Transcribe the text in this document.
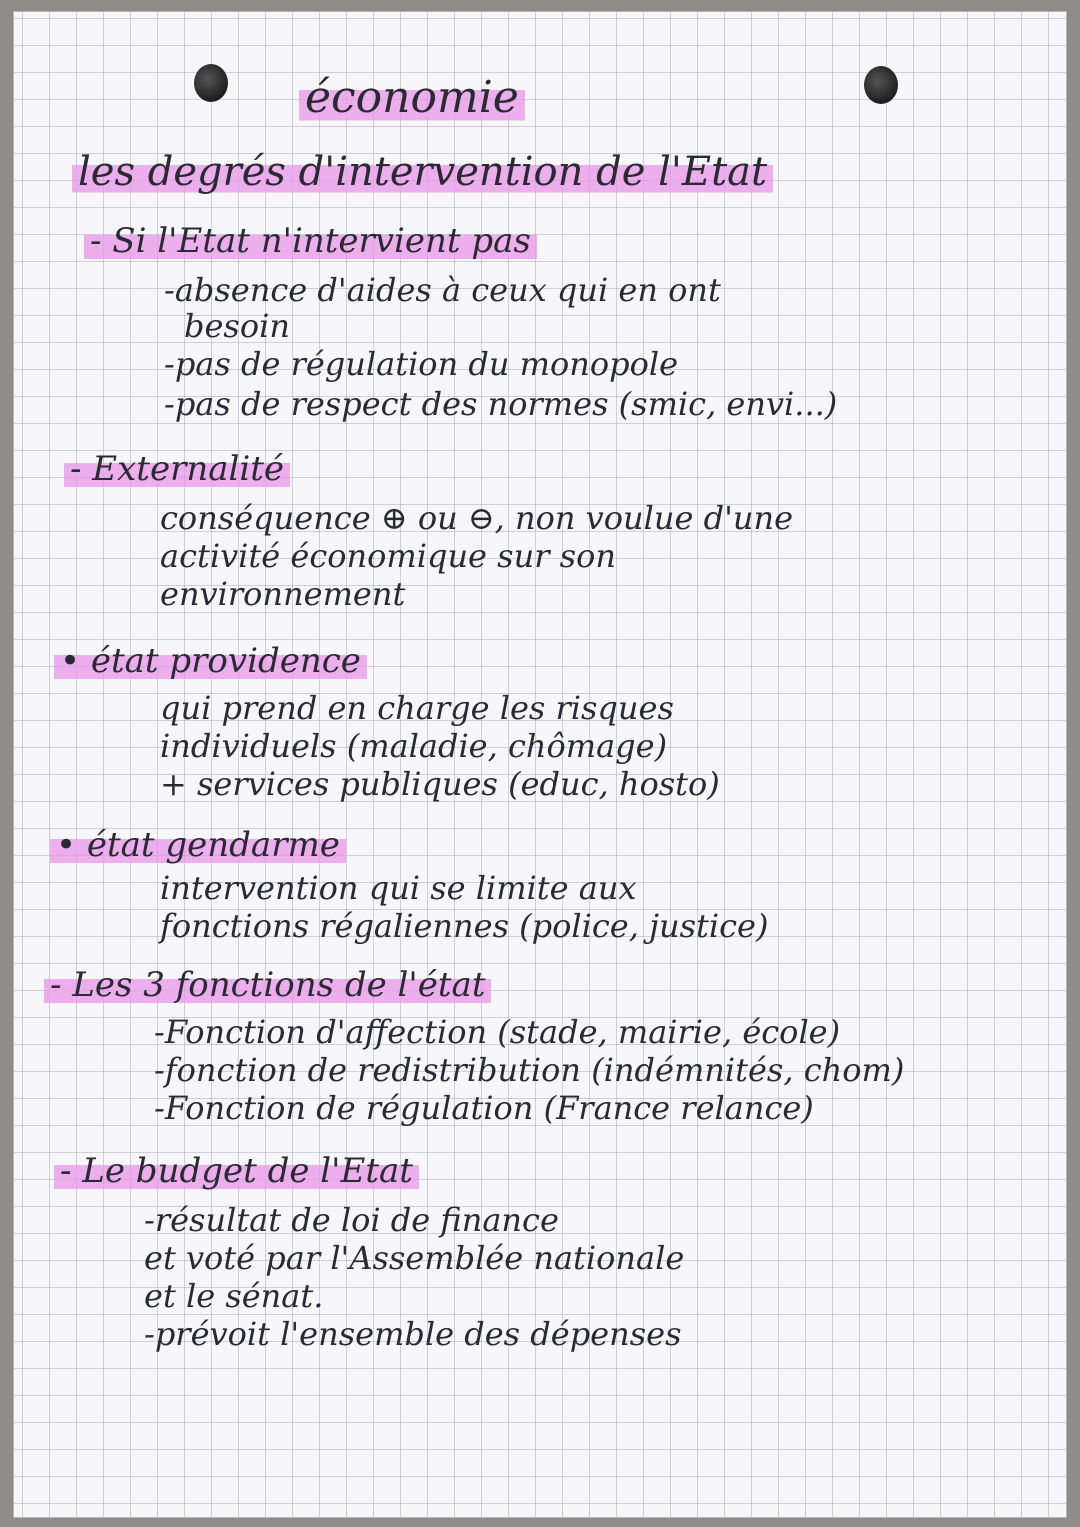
économie

les degrés d'intervention de l'Etat

- Si l'Etat n'intervient pas

-absence d'aides à ceux qui en ont

besoin

-pas de régulation du monopole

-pas de respect des normes (smic, envi...)

- Externalité

conséquence ⊕ ou ⊖, non voulue d'une

activité économique sur son

environnement

• état providence

qui prend en charge les risques

individuels (maladie, chômage)

+ services publiques (educ, hosto)

• état gendarme

intervention qui se limite aux

fonctions régaliennes (police, justice)

- Les 3 fonctions de l'état

-Fonction d'affection (stade, mairie, école)

-fonction de redistribution (indémnités, chom)

-Fonction de régulation (France relance)

- Le budget de l'Etat

-résultat de loi de finance

et voté par l'Assemblée nationale

et le sénat.

-prévoit l'ensemble des dépenses
